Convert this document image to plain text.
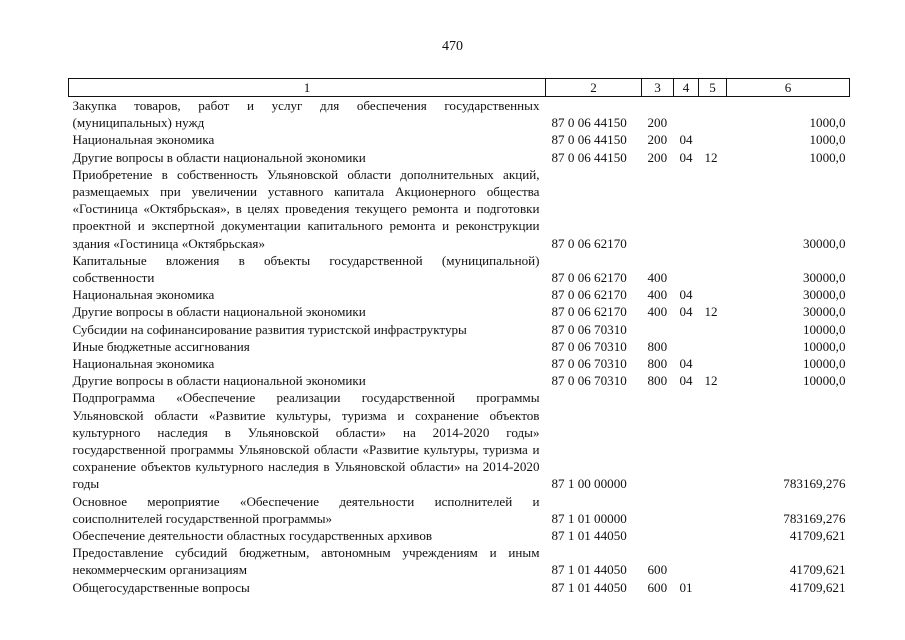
470
1	2	3	4	5	6
Закупка товаров, работ и услуг для обеспечения государственных (муниципальных) нужд	87 0 06 44150	200			1000,0
Национальная экономика	87 0 06 44150	200	04		1000,0
Другие вопросы в области национальной экономики	87 0 06 44150	200	04	12	1000,0
Приобретение в собственность Ульяновской области дополнительных акций, размещаемых при увеличении уставного капитала Акционерного общества «Гостиница «Октябрьская», в целях проведения текущего ремонта и подготовки проектной и экспертной документации капитального ремонта и реконструкции здания «Гостиница «Октябрьская»	87 0 06 62170				30000,0
Капитальные вложения в объекты государственной (муниципальной) собственности	87 0 06 62170	400			30000,0
Национальная экономика	87 0 06 62170	400	04		30000,0
Другие вопросы в области национальной экономики	87 0 06 62170	400	04	12	30000,0
Субсидии на софинансирование развития туристской инфраструктуры	87 0 06 70310				10000,0
Иные бюджетные ассигнования	87 0 06 70310	800			10000,0
Национальная экономика	87 0 06 70310	800	04		10000,0
Другие вопросы в области национальной экономики	87 0 06 70310	800	04	12	10000,0
Подпрограмма «Обеспечение реализации государственной программы Ульяновской области «Развитие культуры, туризма и сохранение объектов культурного наследия в Ульяновской области» на 2014-2020 годы» государственной программы Ульяновской области «Развитие культуры, туризма и сохранение объектов культурного наследия в Ульяновской области» на 2014-2020 годы	87 1 00 00000				783169,276
Основное мероприятие «Обеспечение деятельности исполнителей и соисполнителей государственной программы»	87 1 01 00000				783169,276
Обеспечение деятельности областных государственных архивов	87 1 01 44050				41709,621
Предоставление субсидий бюджетным, автономным учреждениям и иным некоммерческим организациям	87 1 01 44050	600			41709,621
Общегосударственные вопросы	87 1 01 44050	600	01		41709,621
